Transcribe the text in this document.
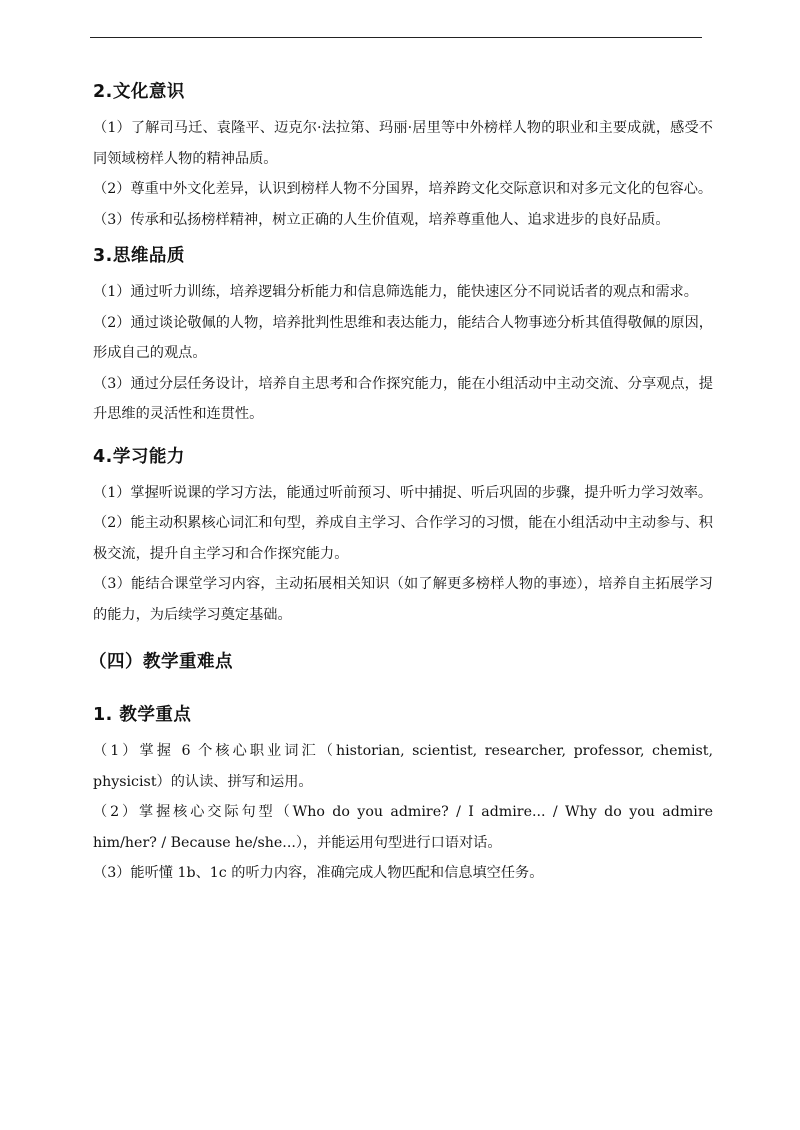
2.文化意识

（1）了解司马迁、袁隆平、迈克尔·法拉第、玛丽·居里等中外榜样人物的职业和主要成就，感受不同领域榜样人物的精神品质。

（2）尊重中外文化差异，认识到榜样人物不分国界，培养跨文化交际意识和对多元文化的包容心。

（3）传承和弘扬榜样精神，树立正确的人生价值观，培养尊重他人、追求进步的良好品质。

3.思维品质

（1）通过听力训练，培养逻辑分析能力和信息筛选能力，能快速区分不同说话者的观点和需求。

（2）通过谈论敬佩的人物，培养批判性思维和表达能力，能结合人物事迹分析其值得敬佩的原因，形成自己的观点。

（3）通过分层任务设计，培养自主思考和合作探究能力，能在小组活动中主动交流、分享观点，提升思维的灵活性和连贯性。

4.学习能力

（1）掌握听说课的学习方法，能通过听前预习、听中捕捉、听后巩固的步骤，提升听力学习效率。

（2）能主动积累核心词汇和句型，养成自主学习、合作学习的习惯，能在小组活动中主动参与、积极交流，提升自主学习和合作探究能力。

（3）能结合课堂学习内容，主动拓展相关知识（如了解更多榜样人物的事迹），培养自主拓展学习的能力，为后续学习奠定基础。

（四）教学重难点
1. 教学重点

（1）掌握 6 个核心职业词汇（historian, scientist, researcher, professor, chemist, physicist）的认读、拼写和运用。

（2）掌握核心交际句型（Who do you admire? / I admire... / Why do you admire him/her? / Because he/she...），并能运用句型进行口语对话。

（3）能听懂 1b、1c 的听力内容，准确完成人物匹配和信息填空任务。
